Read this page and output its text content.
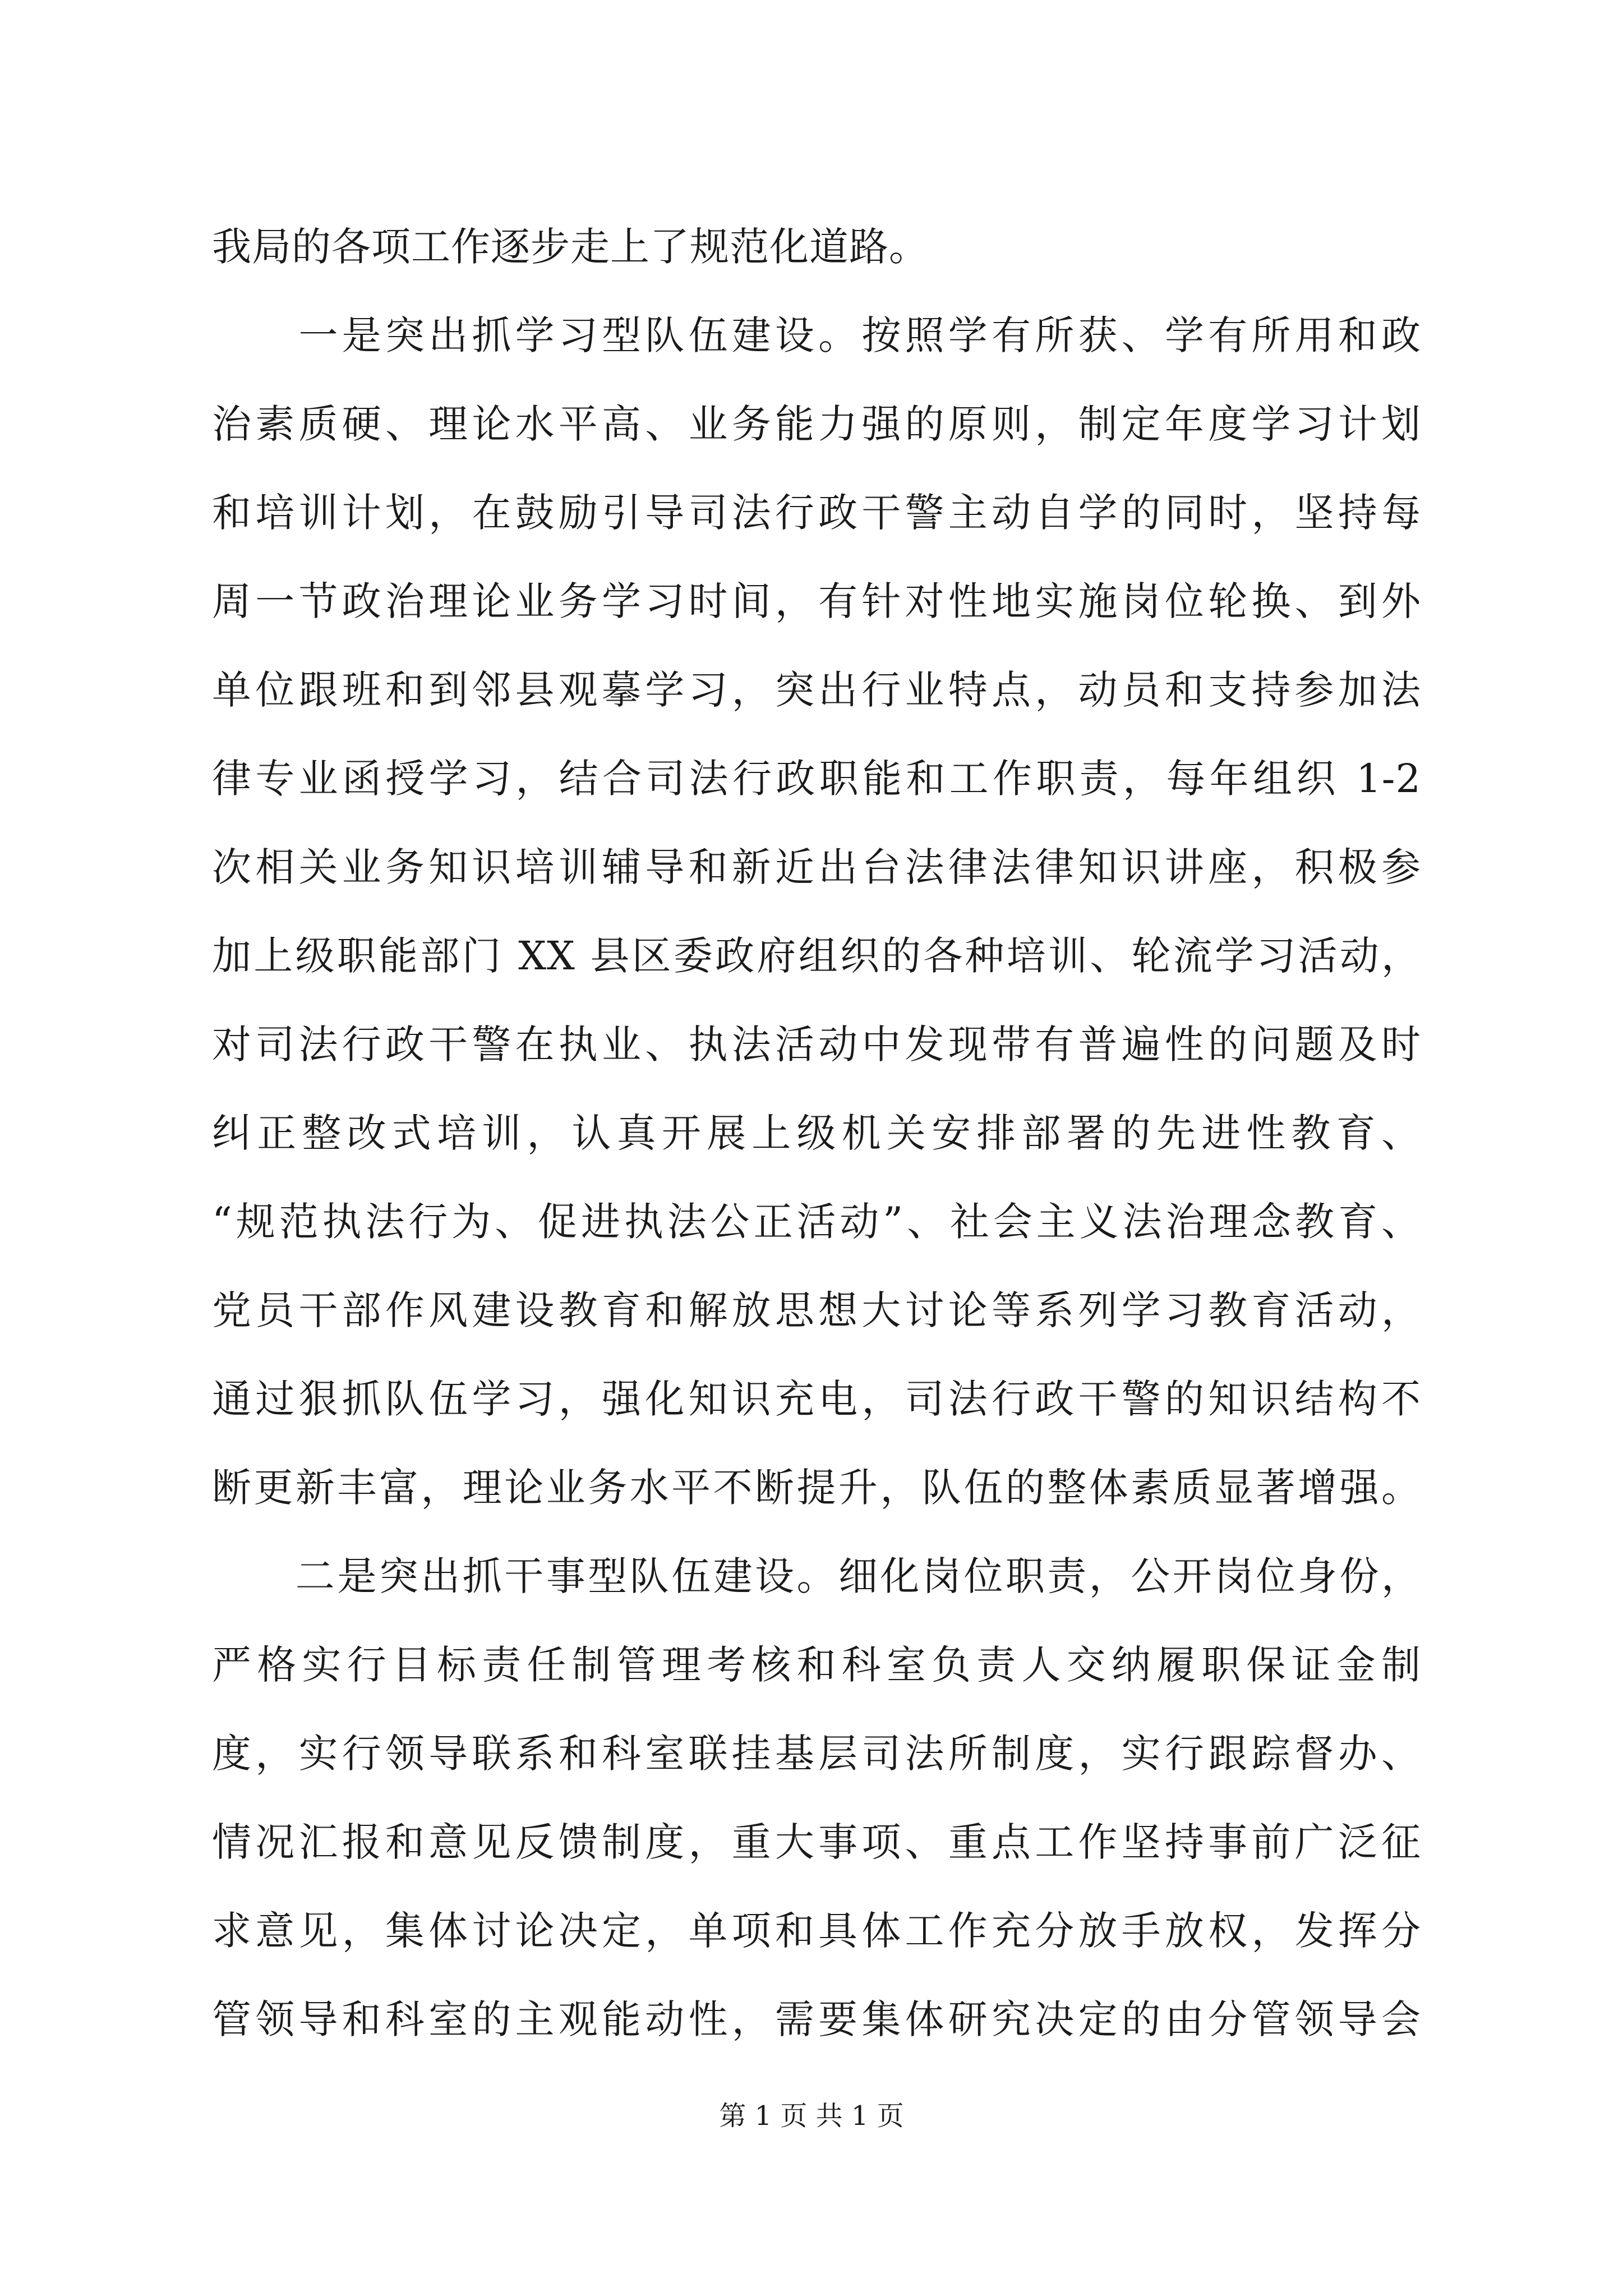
我局的各项工作逐步走上了规范化道路。
　　一是突出抓学习型队伍建设。按照学有所获、学有所用和政
治素质硬、理论水平高、业务能力强的原则，制定年度学习计划
和培训计划，在鼓励引导司法行政干警主动自学的同时，坚持每
周一节政治理论业务学习时间，有针对性地实施岗位轮换、到外
单位跟班和到邻县观摹学习，突出行业特点，动员和支持参加法
律专业函授学习，结合司法行政职能和工作职责，每年组织 1-2
次相关业务知识培训辅导和新近出台法律法律知识讲座，积极参
加上级职能部门 XX 县区委政府组织的各种培训、轮流学习活动，
对司法行政干警在执业、执法活动中发现带有普遍性的问题及时
纠正整改式培训，认真开展上级机关安排部署的先进性教育、
“规范执法行为、促进执法公正活动”、社会主义法治理念教育、
党员干部作风建设教育和解放思想大讨论等系列学习教育活动，
通过狠抓队伍学习，强化知识充电，司法行政干警的知识结构不
断更新丰富，理论业务水平不断提升，队伍的整体素质显著增强。
　　二是突出抓干事型队伍建设。细化岗位职责，公开岗位身份，
严格实行目标责任制管理考核和科室负责人交纳履职保证金制
度，实行领导联系和科室联挂基层司法所制度，实行跟踪督办、
情况汇报和意见反馈制度，重大事项、重点工作坚持事前广泛征
求意见，集体讨论决定，单项和具体工作充分放手放权，发挥分
管领导和科室的主观能动性，需要集体研究决定的由分管领导会
第 1 页 共 1 页
